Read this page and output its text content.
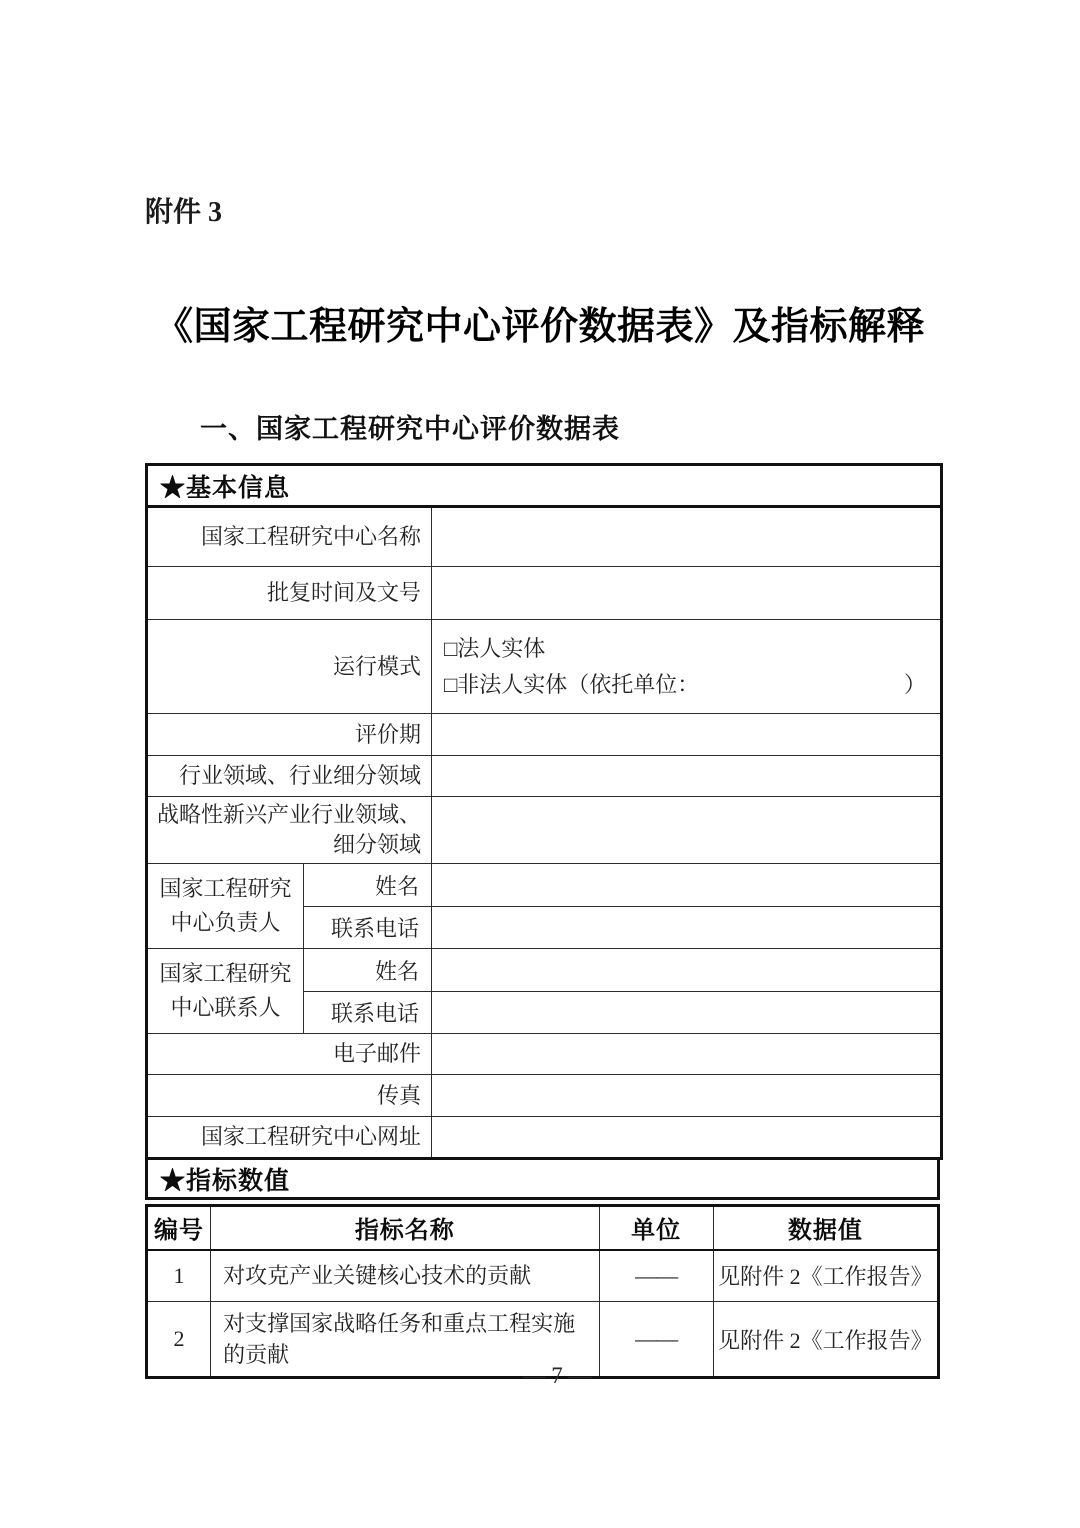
附件 3
《国家工程研究中心评价数据表》及指标解释
一、国家工程研究中心评价数据表
★基本信息		
国家工程研究中心名称		
批复时间及文号		
运行模式		□法人实体
□ 非法人实体（依托单位： ）

评价期		
行业领域、行业细分领域		
战略性新兴产业行业领域、细分领域		

国家工程研究
中心负责人	姓名	
	联系电话	

国家工程研究
中心联系人	姓名	
	联系电话	
电子邮件		
传真		
国家工程研究中心网址		
★指标数值
编号	指标名称	单位	数据值
1	对攻克产业关键核心技术的贡献	——	见附件 2《工作报告》
2	对支撑国家战略任务和重点工程实施的贡献	——	见附件 2《工作报告》
— 7 —
